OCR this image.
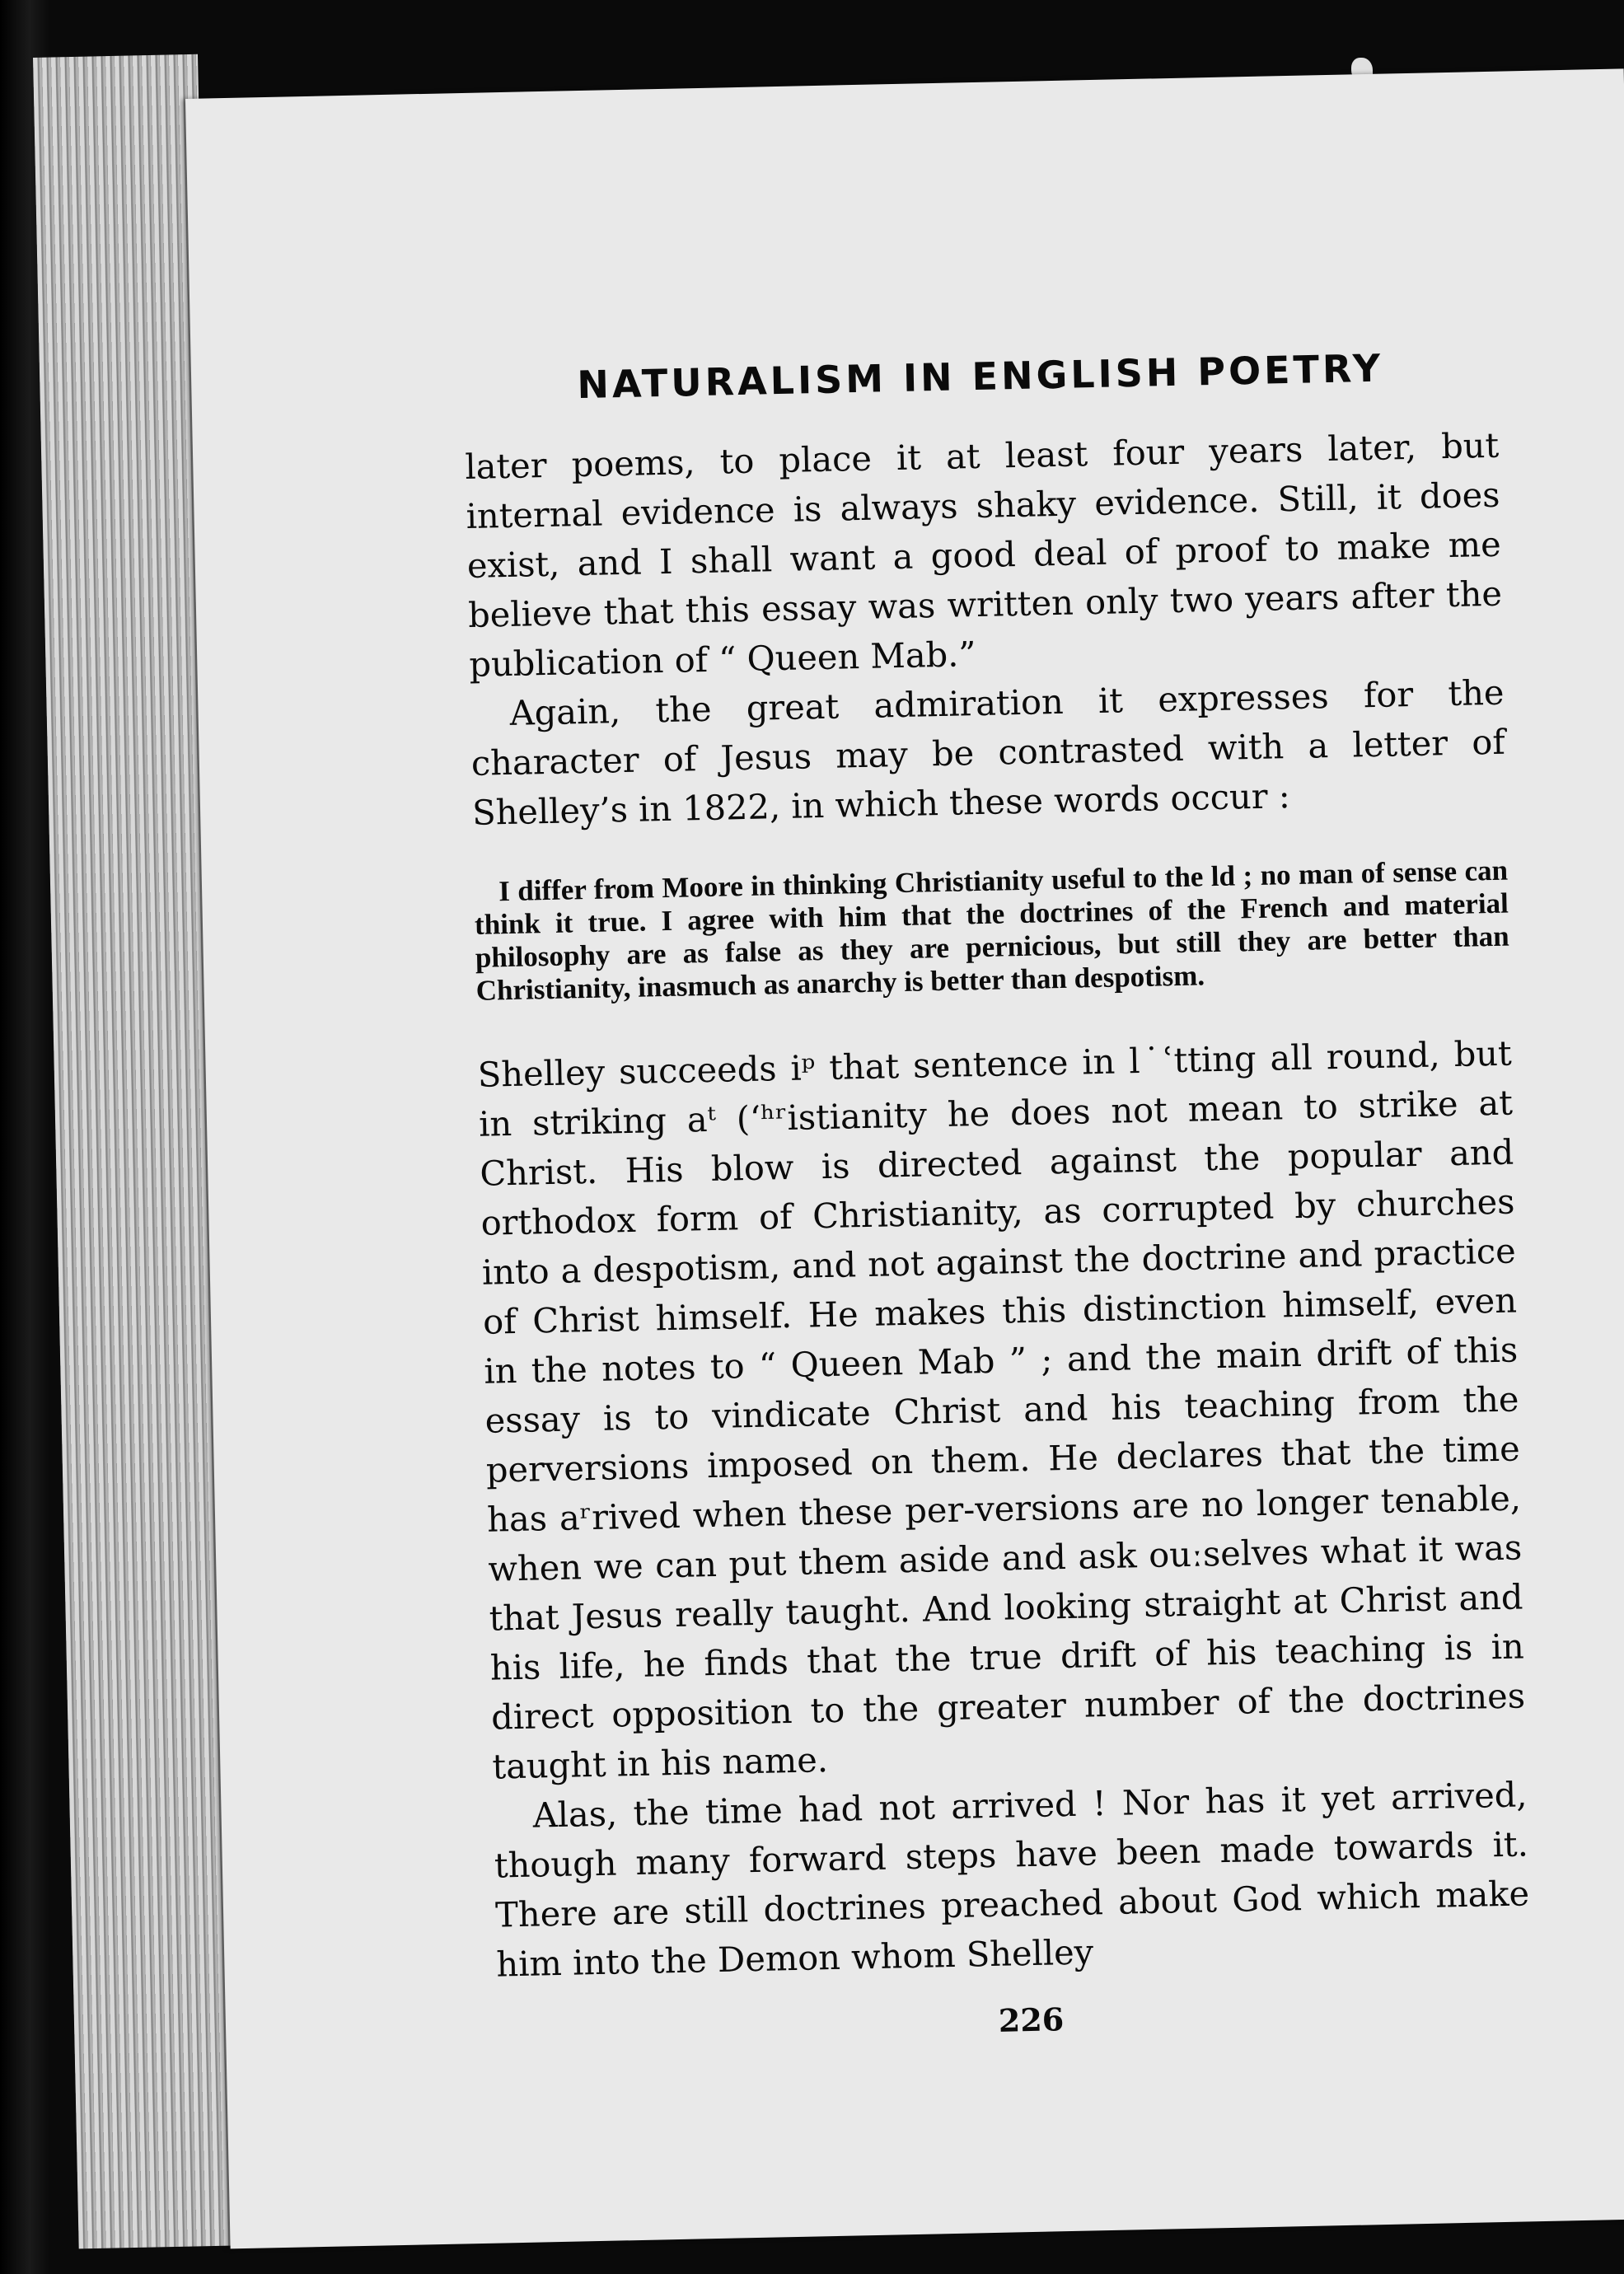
NATURALISM IN ENGLISH POETRY

later poems, to place it at least four years later, but internal evidence is always shaky evidence. Still, it does exist, and I shall want a good deal of proof to make me believe that this essay was written only two years after the publication of “ Queen Mab.”

Again, the great admiration it expresses for the character of Jesus may be contrasted with a letter of Shelley’s in 1822, in which these words occur :

I differ from Moore in thinking Christianity useful to the ld ; no man of sense can think it true. I agree with him that the doctrines of the French and material philosophy are as false as they are pernicious, but still they are better than Christianity, inasmuch as anarchy is better than despotism.

Shelley succeeds iᵖ that sentence in l˙ʿtting all round, but in striking aᵗ (ʻʰʳistianity he does not mean to strike at Christ. His blow is directed against the popular and orthodox form of Christianity, as corrupted by churches into a despotism, and not against the doctrine and practice of Christ himself. He makes this distinction himself, even in the notes to “ Queen Mab ” ; and the main drift of this essay is to vindicate Christ and his teaching from the perversions imposed on them. He declares that the time has aʳrived when these per-versions are no longer tenable, when we can put them aside and ask ouːselves what it was that Jesus really taught. And looking straight at Christ and his life, he finds that the true drift of his teaching is in direct opposition to the greater number of the doctrines taught in his name.

Alas, the time had not arrived ! Nor has it yet arrived, though many forward steps have been made towards it. There are still doctrines preached about God which make him into the Demon whom Shelley

226
